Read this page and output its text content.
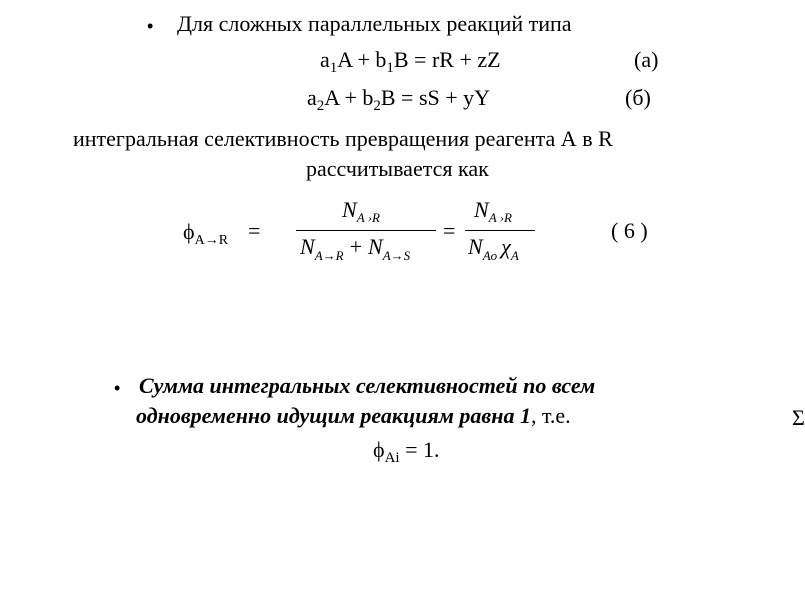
• Для сложных параллельных реакций типа
$a_1A + b_1B$ = rR + zZ	(a)
$a_2A + b_2B$ = sS + yY	(б)
интегральная селективность превращения реагента А в R
рассчитывается как
$\phi_{A\to R}$ =
$N_{A ›R}$
$N_{A\to R} + N_{A\to S}$
=
$N_{A ›R}$
$N_{Ao}$ $\chi_A$
( 6 )
• Сумма интегральных селективностей по всем
одновременно идущим реакциям равна 1, т.е.
$\phi_{Ai} = 1$.
Σ
